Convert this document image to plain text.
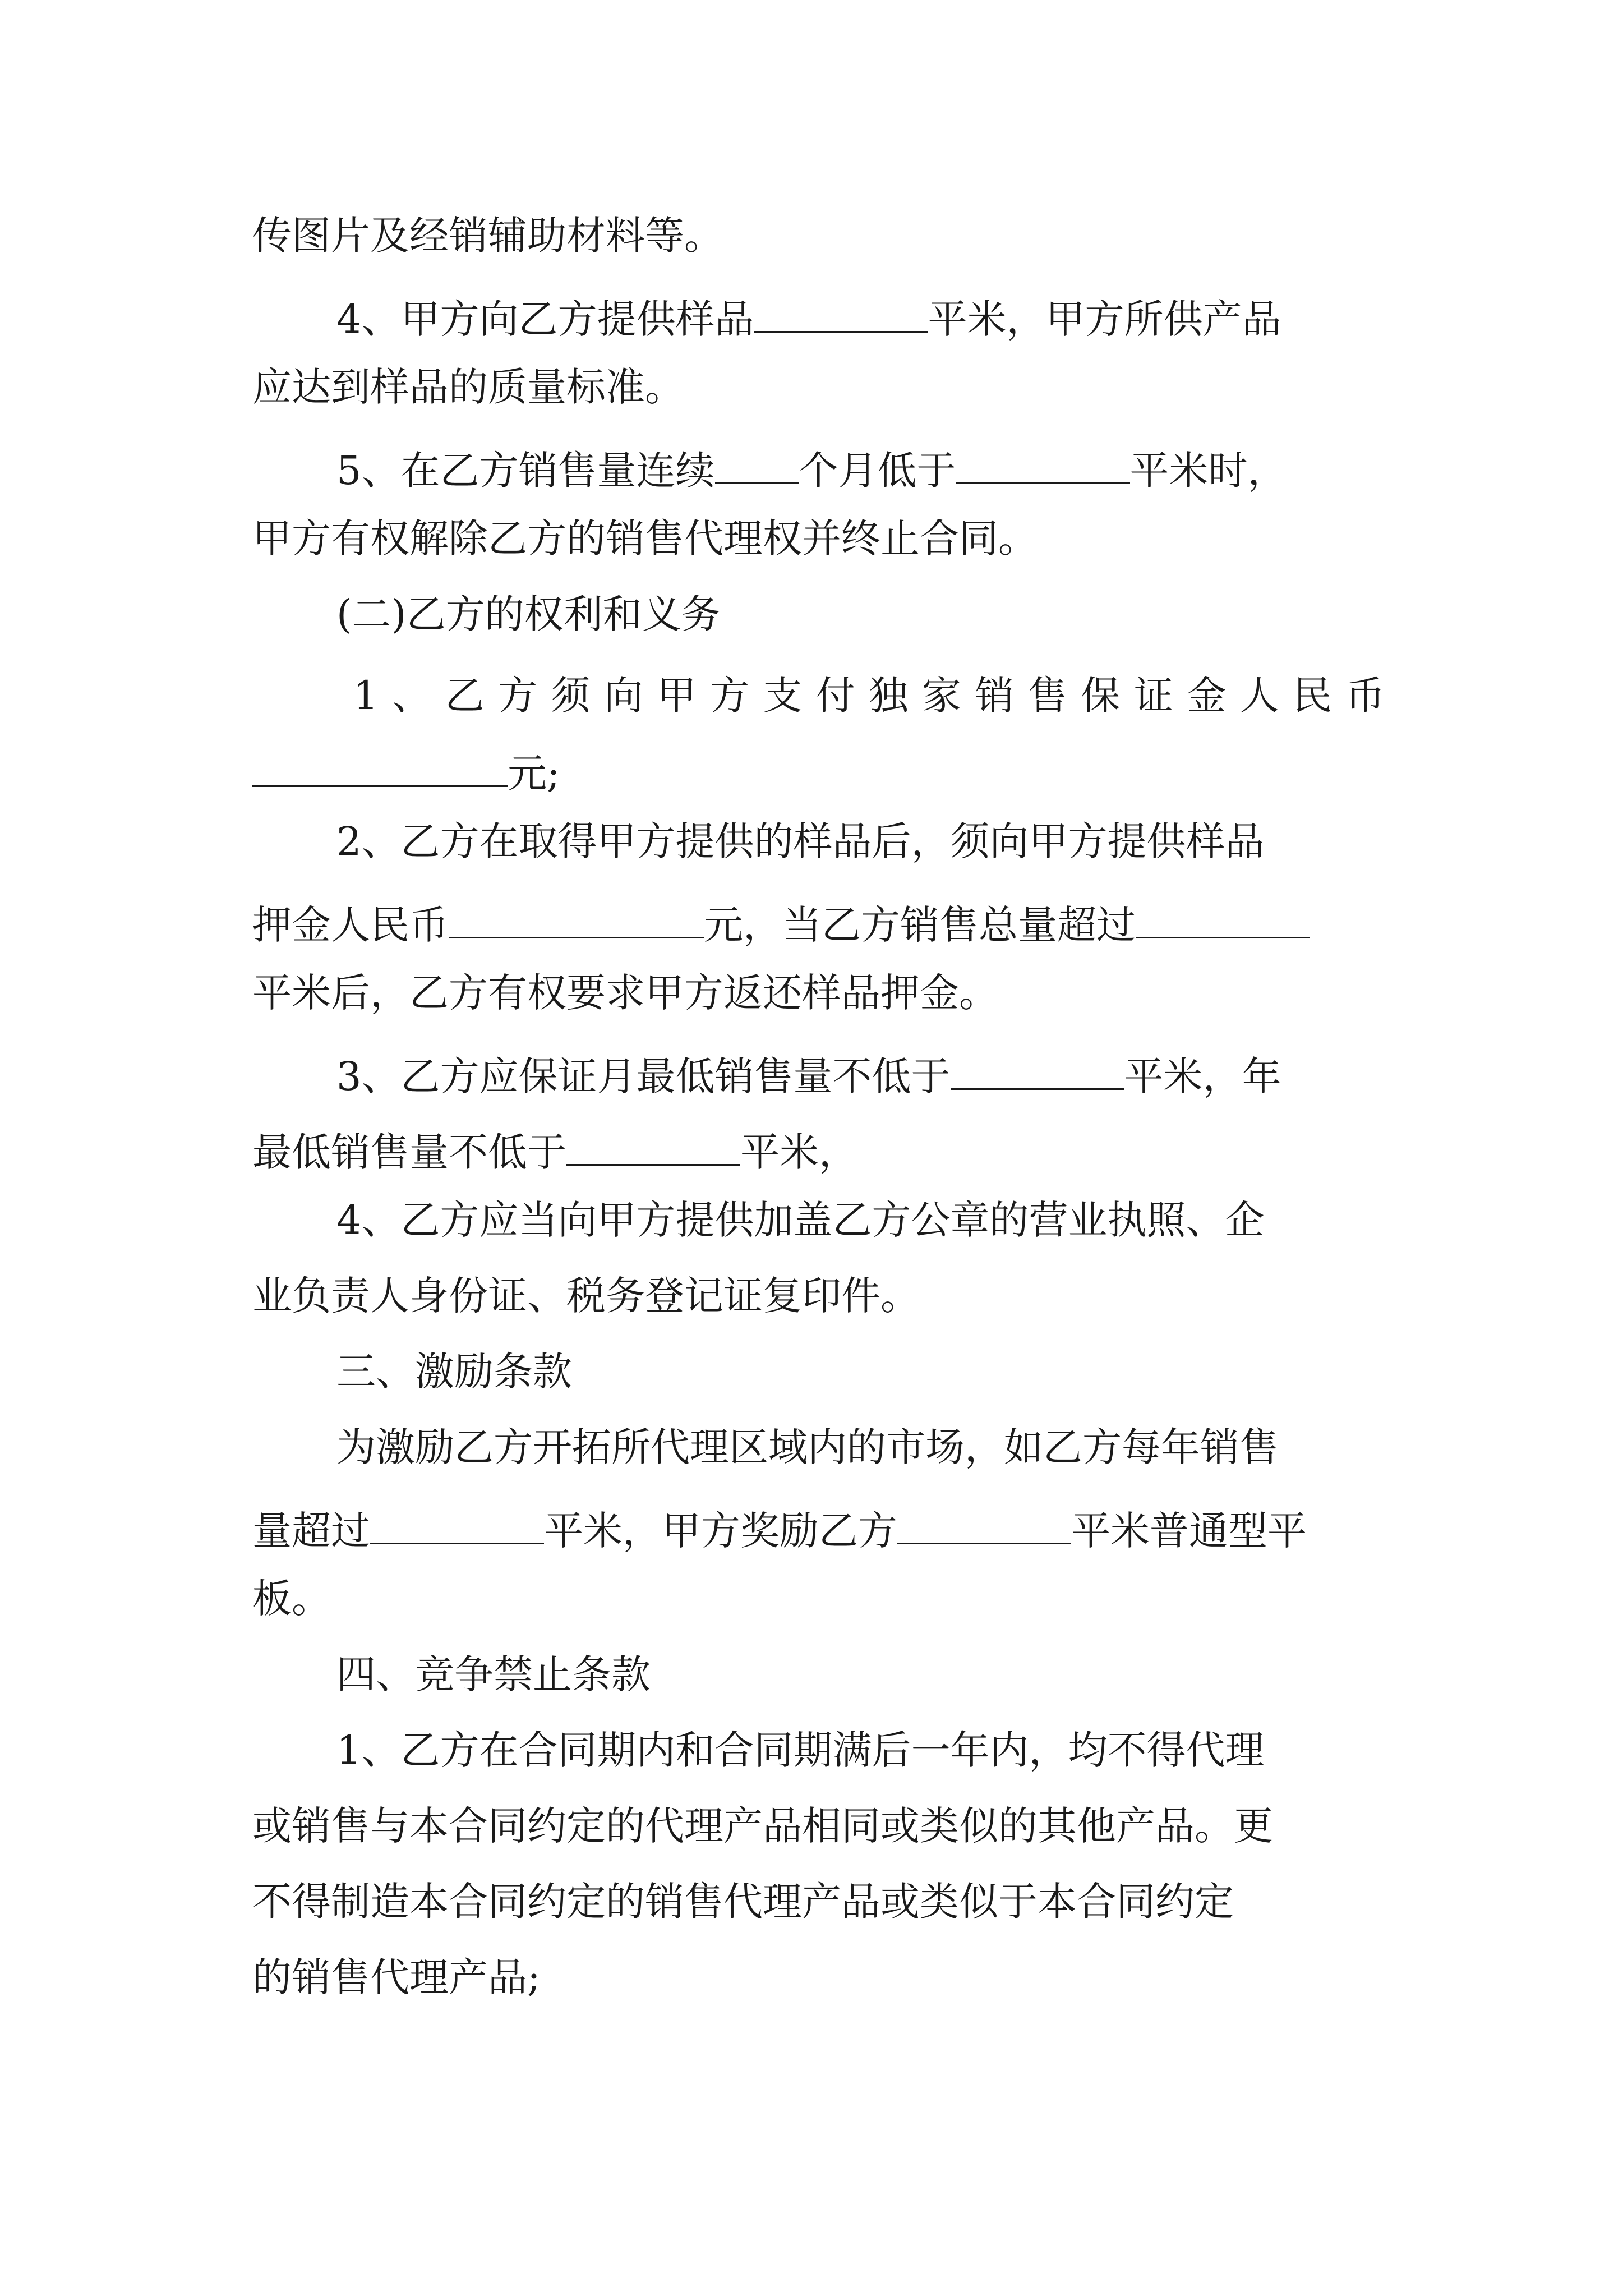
传图片及经销辅助材料等。
4、甲方向乙方提供样品	平米，甲方所供产品
应达到样品的质量标准。
5、在乙方销售量连续 个月低于	平米时，
甲方有权解除乙方的销售代理权并终止合同。
(二)乙方的权利和义务
1 、 乙 方 须 向 甲 方 支 付 独 家 销 售 保 证 金 人 民 币
元;
2、乙方在取得甲方提供的样品后，须向甲方提供样品
押金人民币	元，当乙方销售总量超过
平米后，乙方有权要求甲方返还样品押金。
3、乙方应保证月最低销售量不低于	平米，年
最低销售量不低于	平米，
4、乙方应当向甲方提供加盖乙方公章的营业执照、企
业负责人身份证、税务登记证复印件。
三、激励条款
为激励乙方开拓所代理区域内的市场，如乙方每年销售
量超过	平米，甲方奖励乙方	平米普通型平
板。
四、竞争禁止条款
1、乙方在合同期内和合同期满后一年内，均不得代理
或销售与本合同约定的代理产品相同或类似的其他产品。更
不得制造本合同约定的销售代理产品或类似于本合同约定
的销售代理产品;
